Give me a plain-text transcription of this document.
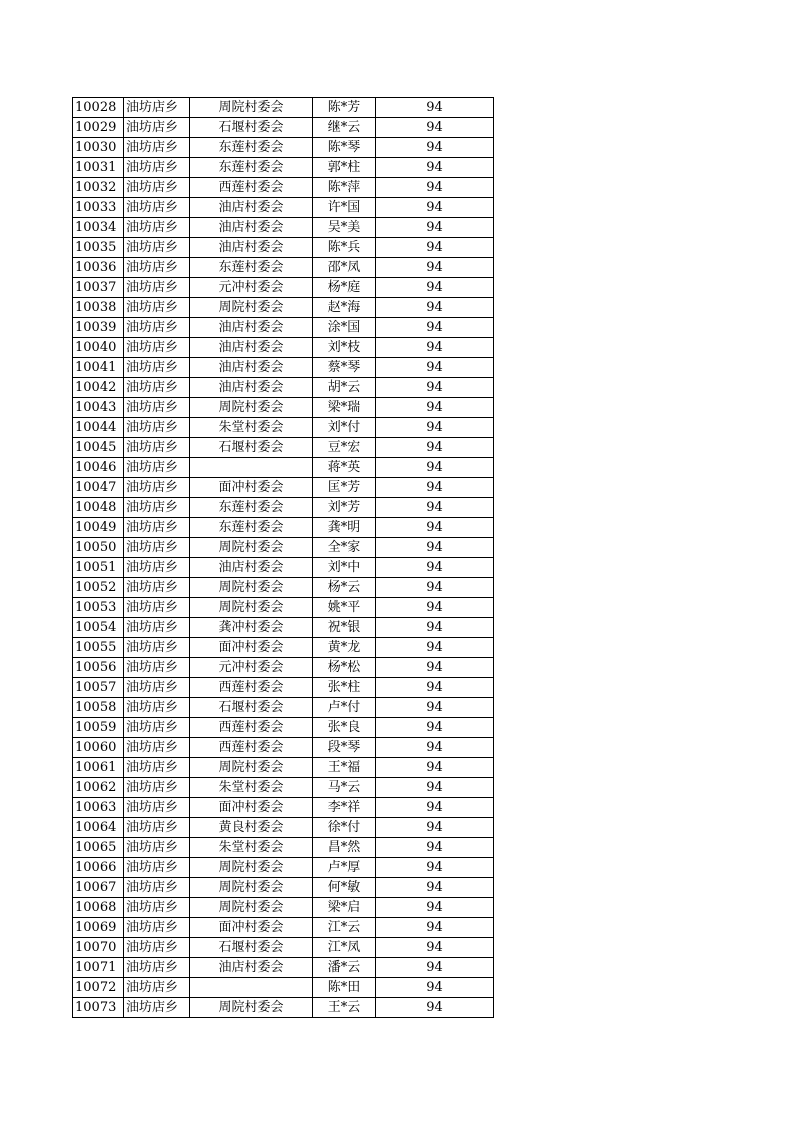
10028	油坊店乡	周院村委会	陈*芳	94
10029	油坊店乡	石堰村委会	继*云	94
10030	油坊店乡	东莲村委会	陈*琴	94
10031	油坊店乡	东莲村委会	郭*柱	94
10032	油坊店乡	西莲村委会	陈*萍	94
10033	油坊店乡	油店村委会	许*国	94
10034	油坊店乡	油店村委会	吴*美	94
10035	油坊店乡	油店村委会	陈*兵	94
10036	油坊店乡	东莲村委会	邵*凤	94
10037	油坊店乡	元冲村委会	杨*庭	94
10038	油坊店乡	周院村委会	赵*海	94
10039	油坊店乡	油店村委会	涂*国	94
10040	油坊店乡	油店村委会	刘*枝	94
10041	油坊店乡	油店村委会	蔡*琴	94
10042	油坊店乡	油店村委会	胡*云	94
10043	油坊店乡	周院村委会	梁*瑞	94
10044	油坊店乡	朱堂村委会	刘*付	94
10045	油坊店乡	石堰村委会	豆*宏	94
10046	油坊店乡		蒋*英	94
10047	油坊店乡	面冲村委会	匡*芳	94
10048	油坊店乡	东莲村委会	刘*芳	94
10049	油坊店乡	东莲村委会	龚*明	94
10050	油坊店乡	周院村委会	全*家	94
10051	油坊店乡	油店村委会	刘*中	94
10052	油坊店乡	周院村委会	杨*云	94
10053	油坊店乡	周院村委会	姚*平	94
10054	油坊店乡	龚冲村委会	祝*银	94
10055	油坊店乡	面冲村委会	黄*龙	94
10056	油坊店乡	元冲村委会	杨*松	94
10057	油坊店乡	西莲村委会	张*柱	94
10058	油坊店乡	石堰村委会	卢*付	94
10059	油坊店乡	西莲村委会	张*良	94
10060	油坊店乡	西莲村委会	段*琴	94
10061	油坊店乡	周院村委会	王*福	94
10062	油坊店乡	朱堂村委会	马*云	94
10063	油坊店乡	面冲村委会	李*祥	94
10064	油坊店乡	黄良村委会	徐*付	94
10065	油坊店乡	朱堂村委会	昌*然	94
10066	油坊店乡	周院村委会	卢*厚	94
10067	油坊店乡	周院村委会	何*敏	94
10068	油坊店乡	周院村委会	梁*启	94
10069	油坊店乡	面冲村委会	江*云	94
10070	油坊店乡	石堰村委会	江*凤	94
10071	油坊店乡	油店村委会	潘*云	94
10072	油坊店乡		陈*田	94
10073	油坊店乡	周院村委会	王*云	94
